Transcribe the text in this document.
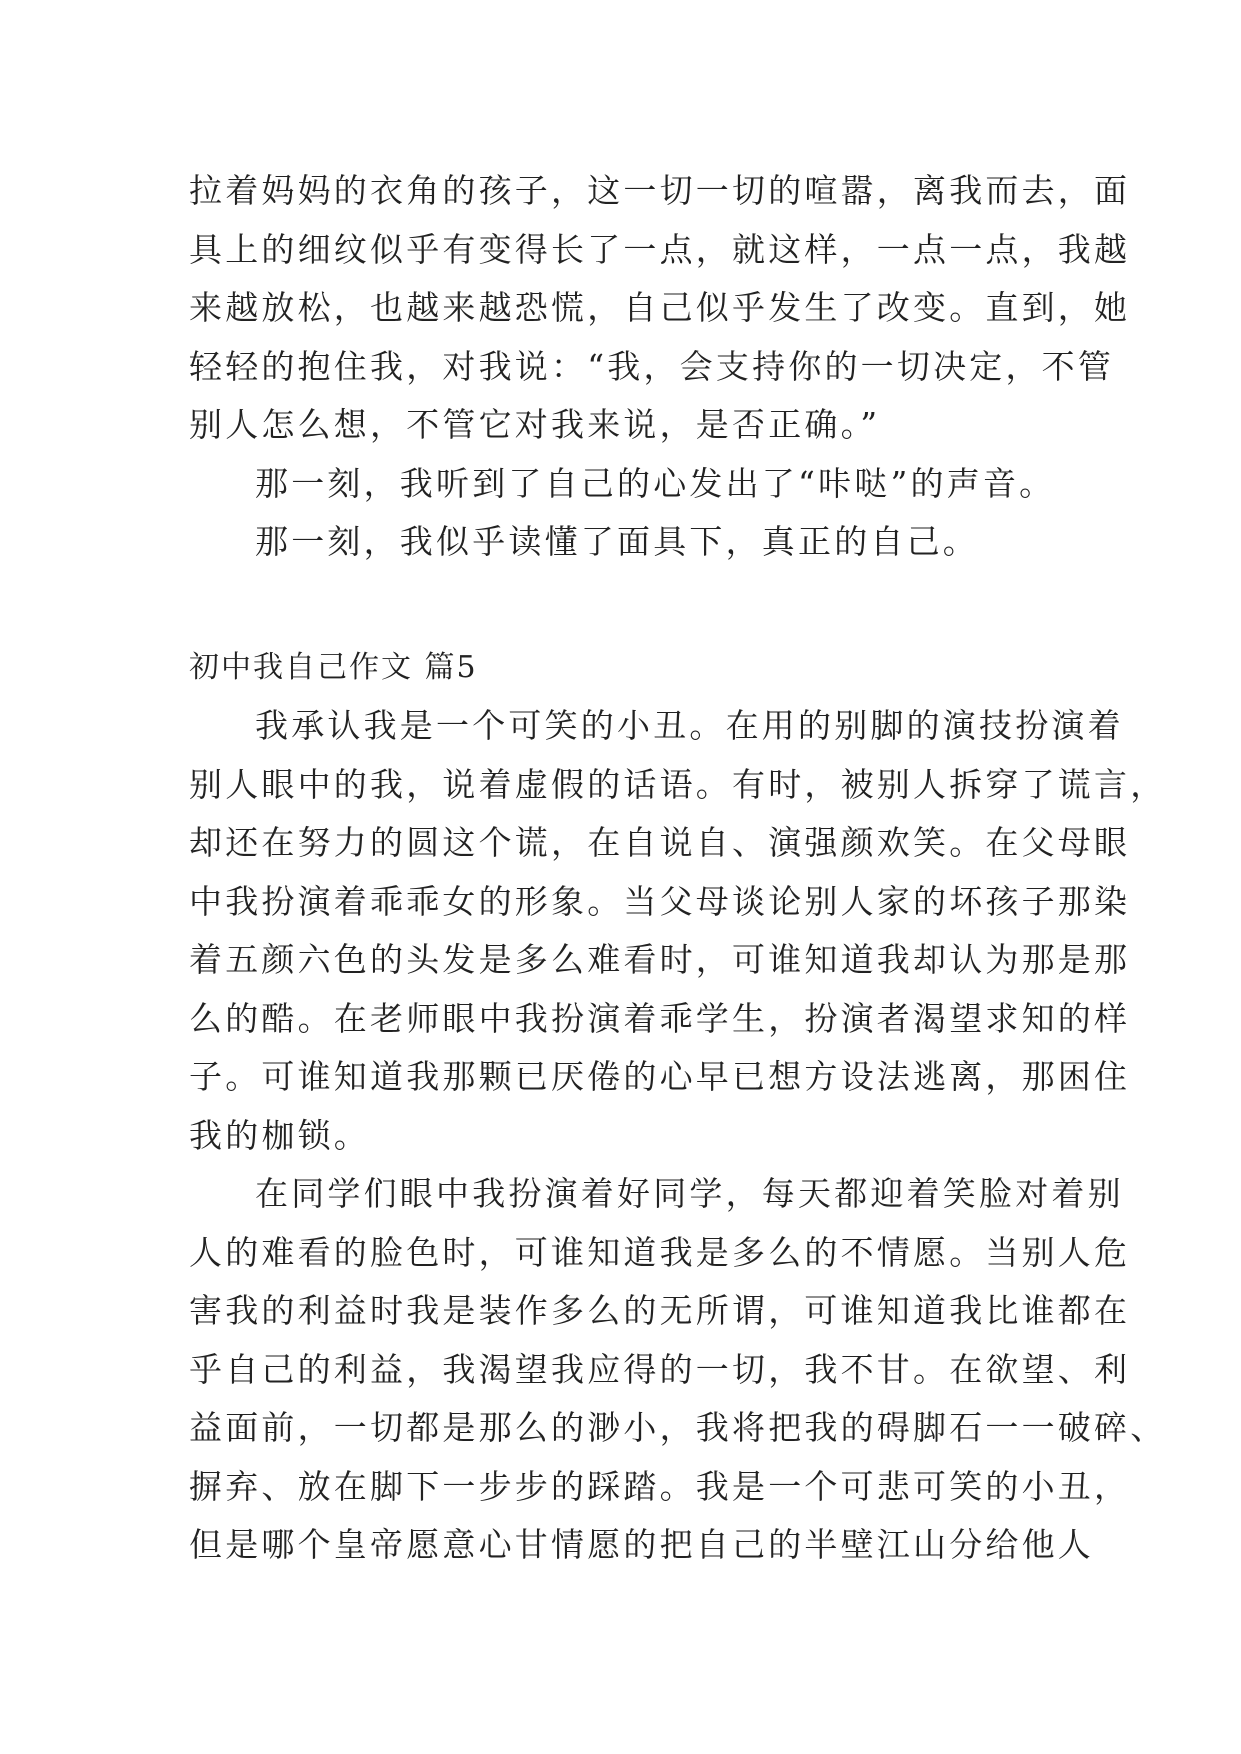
拉着妈妈的衣角的孩子，这一切一切的喧嚣，离我而去，面
具上的细纹似乎有变得长了一点，就这样，一点一点，我越
来越放松，也越来越恐慌，自己似乎发生了改变。直到，她
轻轻的抱住我，对我说：“我，会支持你的一切决定，不管
别人怎么想，不管它对我来说，是否正确。”
那一刻，我听到了自己的心发出了“咔哒”的声音。
那一刻，我似乎读懂了面具下，真正的自己。
初中我自己作文 篇5
我承认我是一个可笑的小丑。在用的别脚的演技扮演着
别人眼中的我，说着虚假的话语。有时，被别人拆穿了谎言，
却还在努力的圆这个谎，在自说自、演强颜欢笑。在父母眼
中我扮演着乖乖女的形象。当父母谈论别人家的坏孩子那染
着五颜六色的头发是多么难看时，可谁知道我却认为那是那
么的酷。在老师眼中我扮演着乖学生，扮演者渴望求知的样
子。可谁知道我那颗已厌倦的心早已想方设法逃离，那困住
我的枷锁。
在同学们眼中我扮演着好同学，每天都迎着笑脸对着别
人的难看的脸色时，可谁知道我是多么的不情愿。当别人危
害我的利益时我是装作多么的无所谓，可谁知道我比谁都在
乎自己的利益，我渴望我应得的一切，我不甘。在欲望、利
益面前，一切都是那么的渺小，我将把我的碍脚石一一破碎、
摒弃、放在脚下一步步的踩踏。我是一个可悲可笑的小丑，
但是哪个皇帝愿意心甘情愿的把自己的半壁江山分给他人
